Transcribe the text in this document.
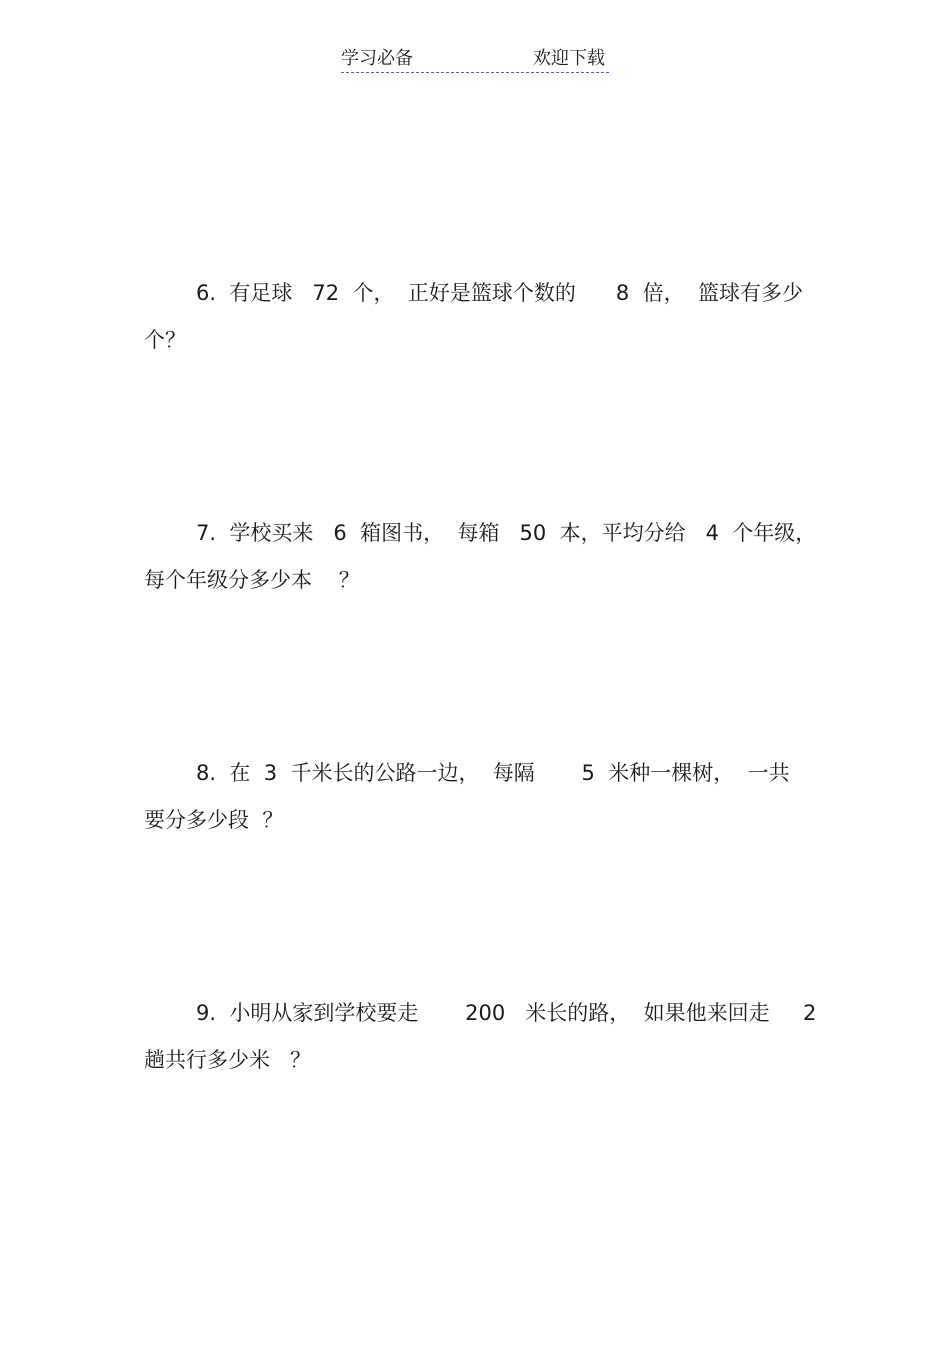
学习必备	欢迎下载
6.  有足球   72  个，  正好是篮球个数的      8  倍，  篮球有多少
个？
7.  学校买来   6  箱图书，  每箱   50  本，平均分给   4  个年级，
每个年级分多少本    ？
8.  在  3  千米长的公路一边，  每隔       5  米种一棵树，  一共
要分多少段  ？
9.  小明从家到学校要走       200   米长的路，  如果他来回走     2
趟共行多少米   ？
